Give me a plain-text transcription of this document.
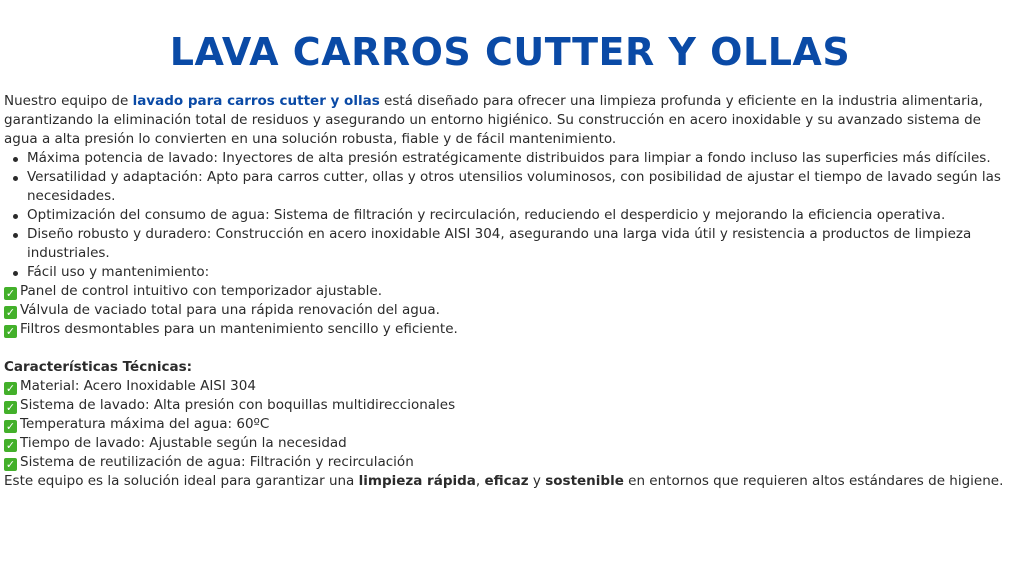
LAVA CARROS CUTTER Y OLLAS

Nuestro equipo de lavado para carros cutter y ollas está diseñado para ofrecer una limpieza profunda y eficiente en la industria alimentaria, garantizando la eliminación total de residuos y asegurando un entorno higiénico. Su construcción en acero inoxidable y su avanzado sistema de agua a alta presión lo convierten en una solución robusta, fiable y de fácil mantenimiento.

Máxima potencia de lavado: Inyectores de alta presión estratégicamente distribuidos para limpiar a fondo incluso las superficies más difíciles.
Versatilidad y adaptación: Apto para carros cutter, ollas y otros utensilios voluminosos, con posibilidad de ajustar el tiempo de lavado según las necesidades.
Optimización del consumo de agua: Sistema de filtración y recirculación, reduciendo el desperdicio y mejorando la eficiencia operativa.
Diseño robusto y duradero: Construcción en acero inoxidable AISI 304, asegurando una larga vida útil y resistencia a productos de limpieza industriales.
Fácil uso y mantenimiento:
✓ Panel de control intuitivo con temporizador ajustable.
✓ Válvula de vaciado total para una rápida renovación del agua.
✓ Filtros desmontables para un mantenimiento sencillo y eficiente.
Características Técnicas:
✓ Material: Acero Inoxidable AISI 304
✓ Sistema de lavado: Alta presión con boquillas multidireccionales
✓ Temperatura máxima del agua: 60ºC
✓ Tiempo de lavado: Ajustable según la necesidad
✓ Sistema de reutilización de agua: Filtración y recirculación
Este equipo es la solución ideal para garantizar una limpieza rápida, eficaz y sostenible en entornos que requieren altos estándares de higiene.
